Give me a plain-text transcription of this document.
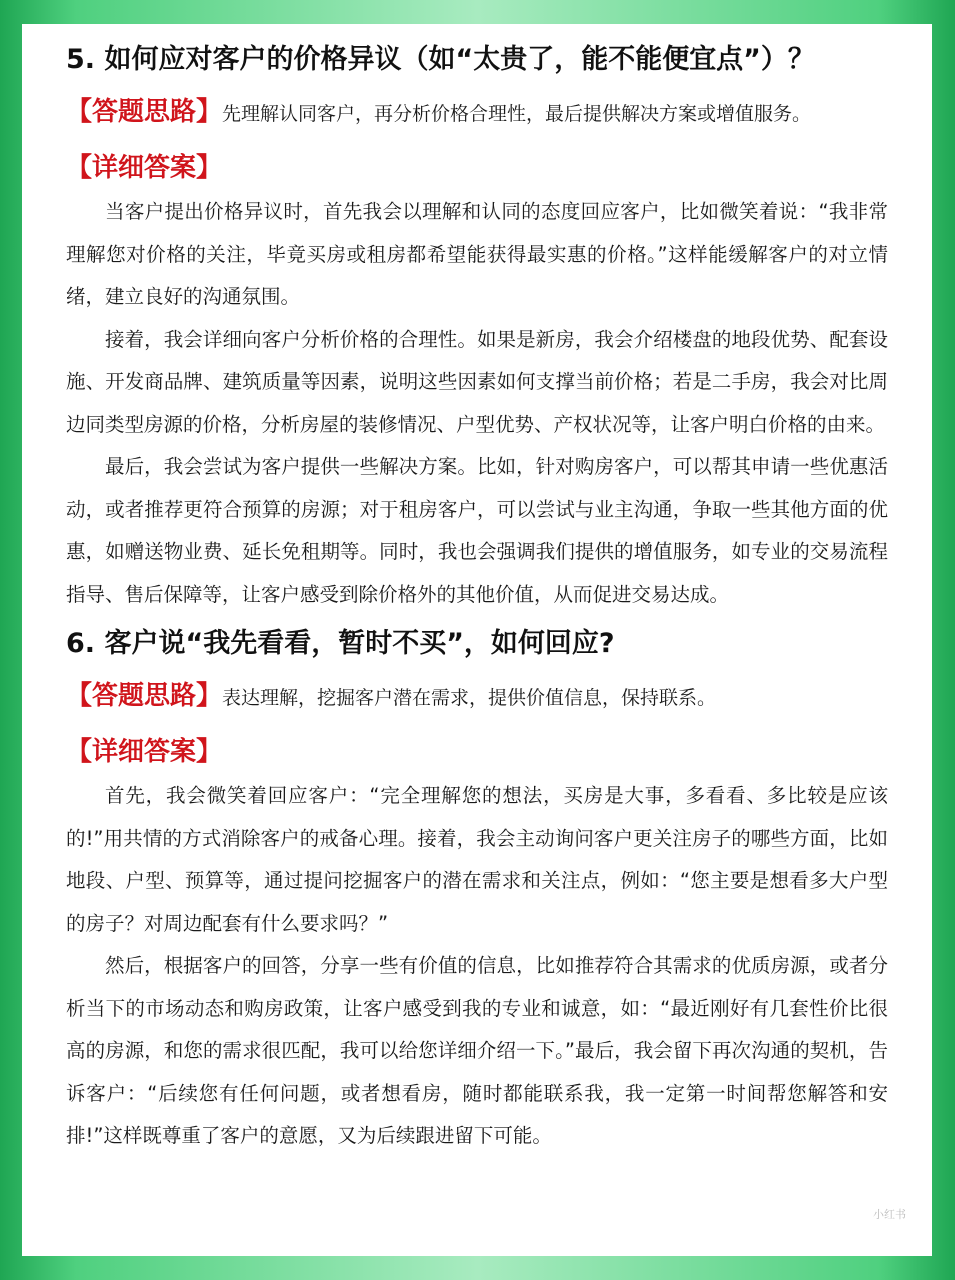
5. 如何应对客户的价格异议（如“太贵了，能不能便宜点”）？

【答题思路】先理解认同客户，再分析价格合理性，最后提供解决方案或增值服务。

【详细答案】

当客户提出价格异议时，首先我会以理解和认同的态度回应客户，比如微笑着说：“我非常理解您对价格的关注，毕竟买房或租房都希望能获得最实惠的价格。”这样能缓解客户的对立情绪，建立良好的沟通氛围。

接着，我会详细向客户分析价格的合理性。如果是新房，我会介绍楼盘的地段优势、配套设施、开发商品牌、建筑质量等因素，说明这些因素如何支撑当前价格；若是二手房，我会对比周边同类型房源的价格，分析房屋的装修情况、户型优势、产权状况等，让客户明白价格的由来。

最后，我会尝试为客户提供一些解决方案。比如，针对购房客户，可以帮其申请一些优惠活动，或者推荐更符合预算的房源；对于租房客户，可以尝试与业主沟通，争取一些其他方面的优惠，如赠送物业费、延长免租期等。同时，我也会强调我们提供的增值服务，如专业的交易流程指导、售后保障等，让客户感受到除价格外的其他价值，从而促进交易达成。

6. 客户说“我先看看，暂时不买”，如何回应?

【答题思路】表达理解，挖掘客户潜在需求，提供价值信息，保持联系。

【详细答案】

首先，我会微笑着回应客户：“完全理解您的想法，买房是大事，多看看、多比较是应该的!”用共情的方式消除客户的戒备心理。接着，我会主动询问客户更关注房子的哪些方面，比如地段、户型、预算等，通过提问挖掘客户的潜在需求和关注点，例如：“您主要是想看多大户型的房子？对周边配套有什么要求吗？”

然后，根据客户的回答，分享一些有价值的信息，比如推荐符合其需求的优质房源，或者分析当下的市场动态和购房政策，让客户感受到我的专业和诚意，如：“最近刚好有几套性价比很高的房源，和您的需求很匹配，我可以给您详细介绍一下。”最后，我会留下再次沟通的契机，告诉客户：“后续您有任何问题，或者想看房，随时都能联系我，我一定第一时间帮您解答和安排!”这样既尊重了客户的意愿，又为后续跟进留下可能。

小红书
